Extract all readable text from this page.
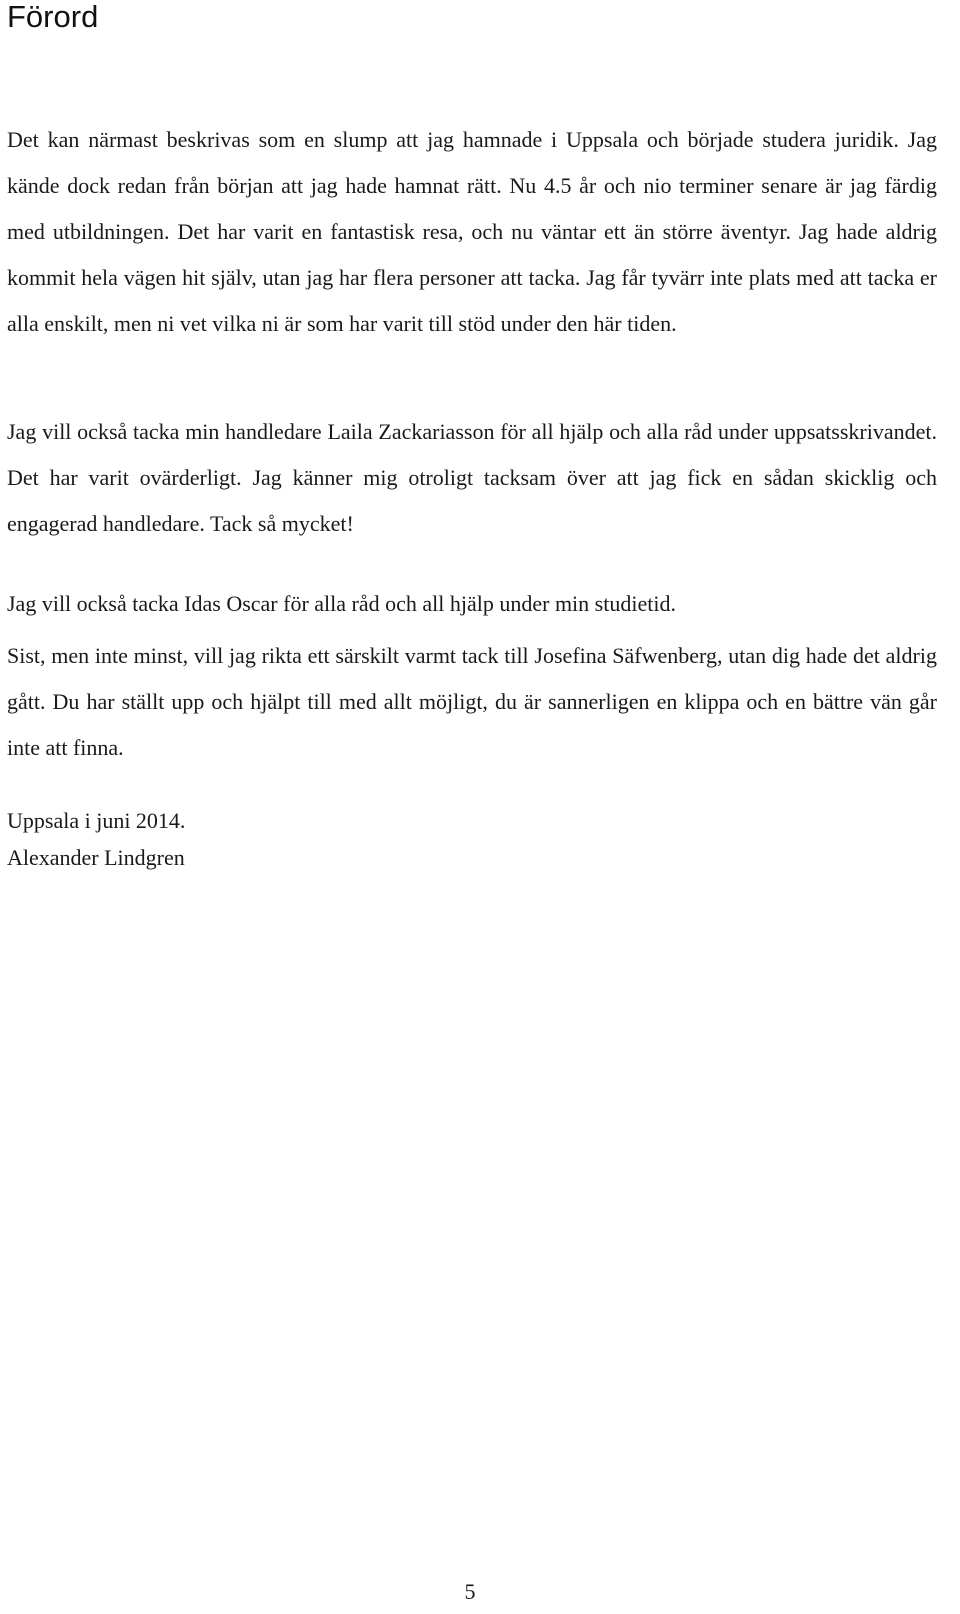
Förord

Det kan närmast beskrivas som en slump att jag hamnade i Uppsala och började studera juridik. Jag kände dock redan från början att jag hade hamnat rätt. Nu 4.5 år och nio terminer senare är jag färdig med utbildningen. Det har varit en fantastisk resa, och nu väntar ett än större äventyr. Jag hade aldrig kommit hela vägen hit själv, utan jag har flera personer att tacka. Jag får tyvärr inte plats med att tacka er alla enskilt, men ni vet vilka ni är som har varit till stöd under den här tiden.

Jag vill också tacka min handledare Laila Zackariasson för all hjälp och alla råd under uppsatsskrivandet. Det har varit ovärderligt. Jag känner mig otroligt tacksam över att jag fick en sådan skicklig och engagerad handledare. Tack så mycket!

Jag vill också tacka Idas Oscar för alla råd och all hjälp under min studietid.

Sist, men inte minst, vill jag rikta ett särskilt varmt tack till Josefina Säfwenberg, utan dig hade det aldrig gått. Du har ställt upp och hjälpt till med allt möjligt, du är sannerligen en klippa och en bättre vän går inte att finna.

Uppsala i juni 2014.

Alexander Lindgren

5
